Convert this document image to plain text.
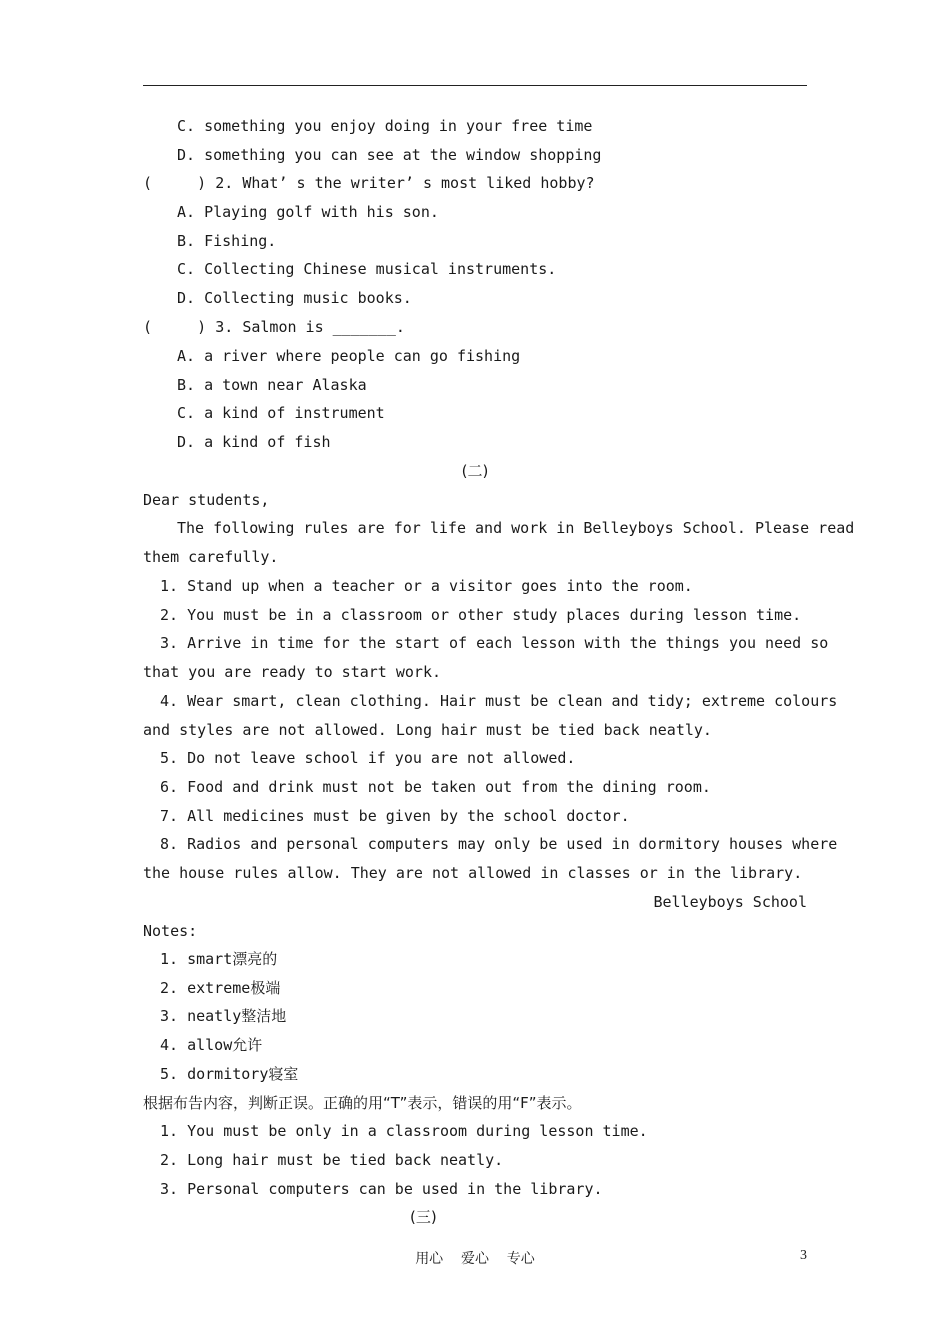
C. something you enjoy doing in your free time
D. something you can see at the window shopping
(     ) 2. What’ s the writer’ s most liked hobby?
A. Playing golf with his son.
B. Fishing.
C. Collecting Chinese musical instruments.
D. Collecting music books.
(     ) 3. Salmon is _______.
A. a river where people can go fishing
B. a town near Alaska
C. a kind of instrument
D. a kind of fish
(二)
Dear students,
The following rules are for life and work in Belleyboys School. Please read
them carefully.
1. Stand up when a teacher or a visitor goes into the room.
2. You must be in a classroom or other study places during lesson time.
3. Arrive in time for the start of each lesson with the things you need so
that you are ready to start work.
4. Wear smart, clean clothing. Hair must be clean and tidy; extreme colours
and styles are not allowed. Long hair must be tied back neatly.
5. Do not leave school if you are not allowed.
6. Food and drink must not be taken out from the dining room.
7. All medicines must be given by the school doctor.
8. Radios and personal computers may only be used in dormitory houses where
the house rules allow. They are not allowed in classes or in the library.
Belleyboys School
Notes:
1. smart漂亮的
2. extreme极端
3. neatly整洁地
4. allow允许
5. dormitory寝室
根据布告内容，判断正误。正确的用“T”表示，错误的用“F”表示。
1. You must be only in a classroom during lesson time.
2. Long hair must be tied back neatly.
3. Personal computers can be used in the library.
(三)
用心    爱心    专心	3
